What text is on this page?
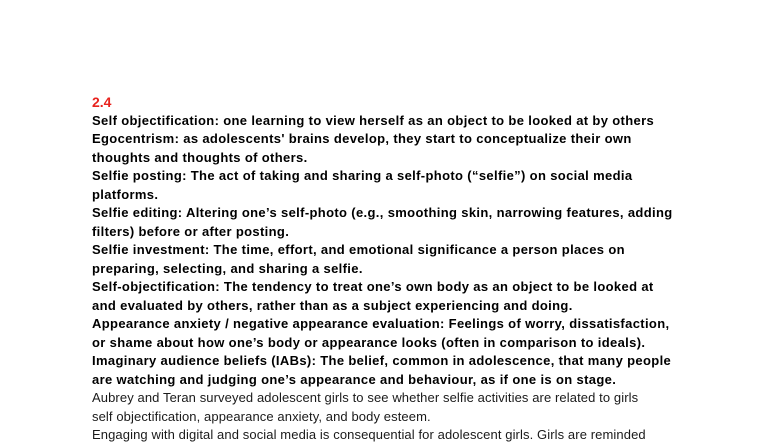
2.4

Self objectification: one learning to view herself as an object to be looked at by others

Egocentrism: as adolescents' brains develop, they start to conceptualize their own

thoughts and thoughts of others.

Selfie posting: The act of taking and sharing a self-photo (“selfie”) on social media

platforms.

Selfie editing: Altering one’s self-photo (e.g., smoothing skin, narrowing features, adding

filters) before or after posting.

Selfie investment: The time, effort, and emotional significance a person places on

preparing, selecting, and sharing a selfie.

Self-objectification: The tendency to treat one’s own body as an object to be looked at

and evaluated by others, rather than as a subject experiencing and doing.

Appearance anxiety / negative appearance evaluation: Feelings of worry, dissatisfaction,

or shame about how one’s body or appearance looks (often in comparison to ideals).

Imaginary audience beliefs (IABs): The belief, common in adolescence, that many people

are watching and judging one’s appearance and behaviour, as if one is on stage.

Aubrey and Teran surveyed adolescent girls to see whether selfie activities are related to girls

self objectification, appearance anxiety, and body esteem.

Engaging with digital and social media is consequential for adolescent girls. Girls are reminded
